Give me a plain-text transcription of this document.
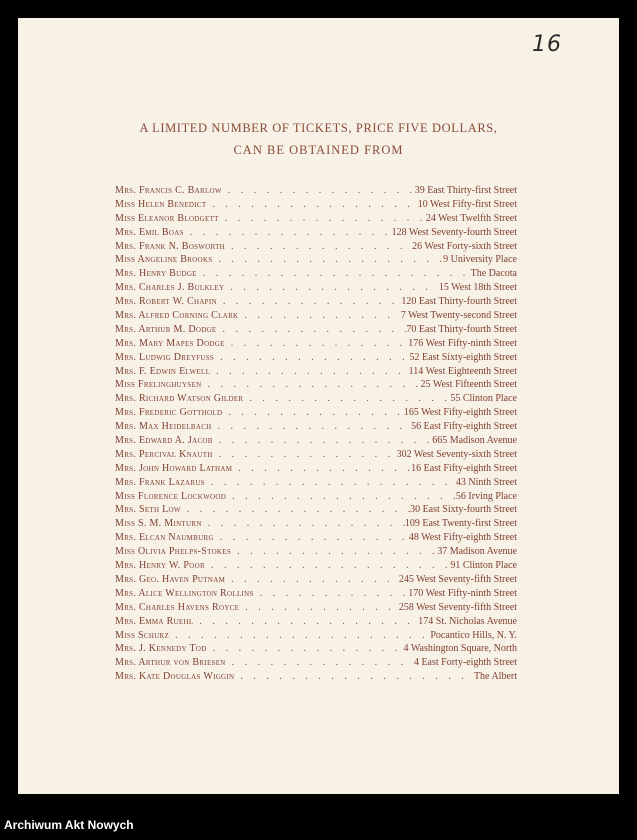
16
A LIMITED NUMBER OF TICKETS, PRICE FIVE DOLLARS,
CAN BE OBTAINED FROM
Mrs. Francis C. Barlow . . .	39 East Thirty-first Street
Miss Helen Benedict . . .	10 West Fifty-first Street
Miss Eleanor Blodgett . . .	24 West Twelfth Street
Mrs. Emil Boas . . .	128 West Seventy-fourth Street
Mrs. Frank N. Bosworth . . .	26 West Forty-sixth Street
Miss Angeline Brooks . . .	9 University Place
Mrs. Henry Budge . . .	The Dacota
Mrs. Charles J. Bulkley . . .	15 West 18th Street
Mrs. Robert W. Chapin . . .	120 East Thirty-fourth Street
Mrs. Alfred Corning Clark . . .	7 West Twenty-second Street
Mrs. Arthur M. Dodge . . .	70 East Thirty-fourth Street
Mrs. Mary Mapes Dodge . . .	176 West Fifty-ninth Street
Mrs. Ludwig Dreyfuss . . .	52 East Sixty-eighth Street
Mrs. F. Edwin Elwell . . .	114 West Eighteenth Street
Miss Frelinghuysen . . .	25 West Fifteenth Street
Mrs. Richard Watson Gilder . . .	55 Clinton Place
Mrs. Frederic Gotthold . . .	165 West Fifty-eighth Street
Mrs. Max Heidelbach . . .	56 East Fifty-eighth Street
Mrs. Edward A. Jacob . . .	665 Madison Avenue
Mrs. Percival Knauth . . .	302 West Seventy-sixth Street
Mrs. John Howard Latham . . .	16 East Fifty-eighth Street
Mrs. Frank Lazarus . . .	43 Ninth Street
Miss Florence Lockwood . . .	56 Irving Place
Mrs. Seth Low . . .	30 East Sixty-fourth Street
Miss S. M. Minturn . . .	109 East Twenty-first Street
Mrs. Elcan Naumburg . . .	48 West Fifty-eighth Street
Miss Olivia Phelps-Stokes . . .	37 Madison Avenue
Mrs. Henry W. Poor . . .	91 Clinton Place
Mrs. Geo. Haven Putnam . . .	245 West Seventy-fifth Street
Mrs. Alice Wellington Rollins . . .	170 West Fifty-ninth Street
Mrs. Charles Havens Royce . . .	258 West Seventy-fifth Street
Mrs. Emma Ruehl . . .	174 St. Nicholas Avenue
Miss Schurz . . .	Pocantico Hills, N. Y.
Mrs. J. Kennedy Tod . . .	4 Washington Square, North
Mrs. Arthur von Briesen . . .	4 East Forty-eighth Street
Mrs. Kate Douglas Wiggin . . .	The Albert
Archiwum Akt Nowych
